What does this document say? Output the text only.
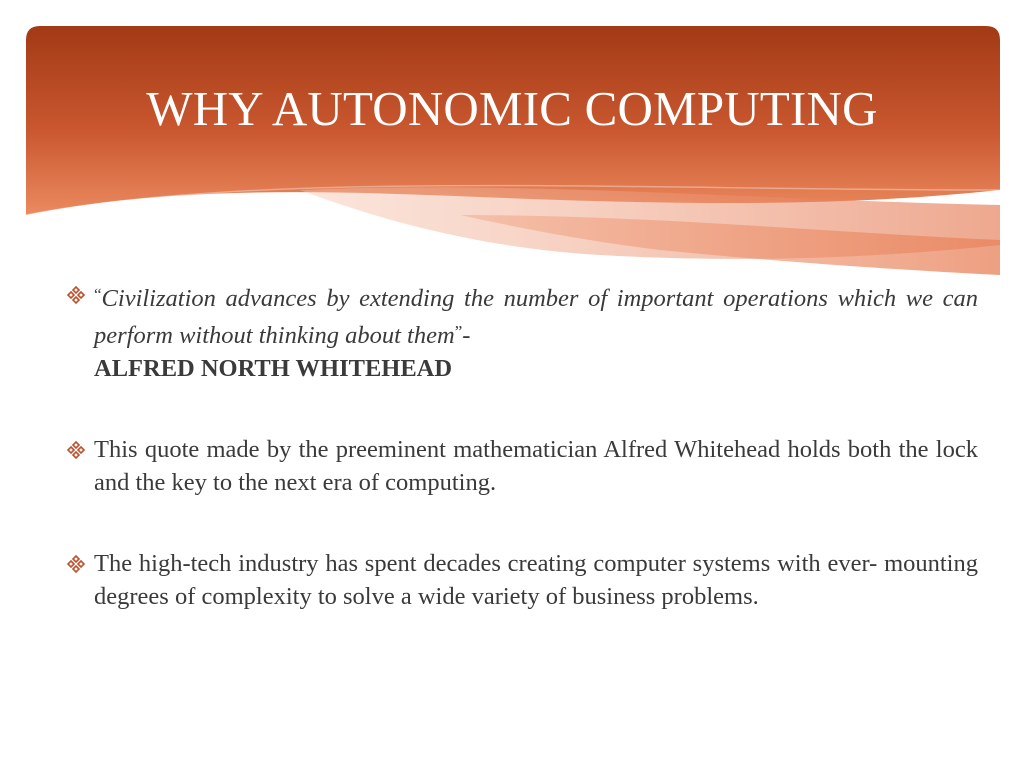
WHY AUTONOMIC COMPUTING
“Civilization advances by extending the number of important operations which we can perform without thinking about them”-
ALFRED NORTH WHITEHEAD
This quote made by the preeminent mathematician Alfred Whitehead holds both the lock and the key to the next era of computing.
The high-tech industry has spent decades creating computer systems with ever- mounting degrees of complexity to solve a wide variety of business problems.
